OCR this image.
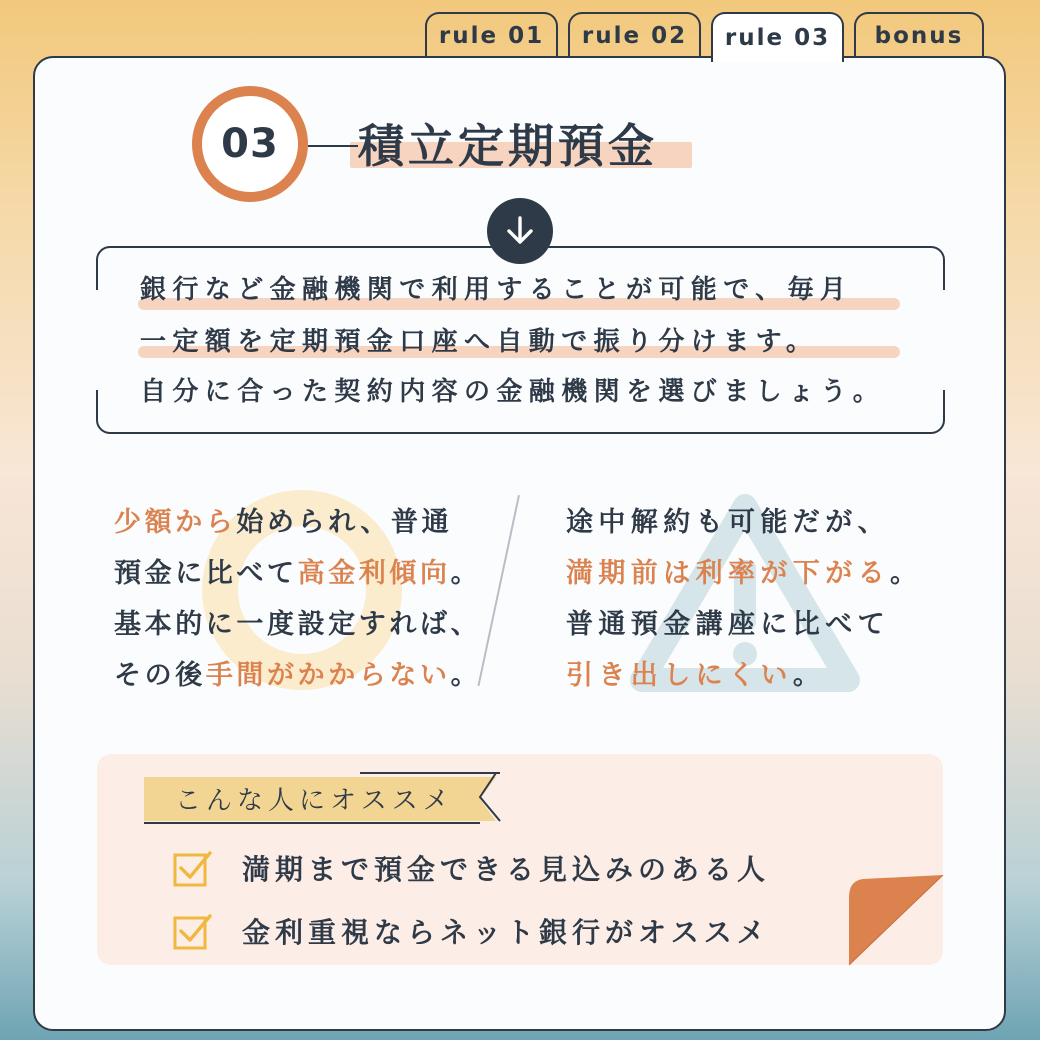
rule 01	rule 02	rule 03	bonus
03	積立定期預金
銀行など金融機関で利用することが可能で、毎月
一定額を定期預金口座へ自動で振り分けます。
自分に合った契約内容の金融機関を選びましょう。
少額から始められ、普通
預金に比べて高金利傾向。
基本的に一度設定すれば、
その後手間がかからない。
途中解約も可能だが、
満期前は利率が下がる。
普通預金講座に比べて
引き出しにくい。
こんな人にオススメ
満期まで預金できる見込みのある人
金利重視ならネット銀行がオススメ
